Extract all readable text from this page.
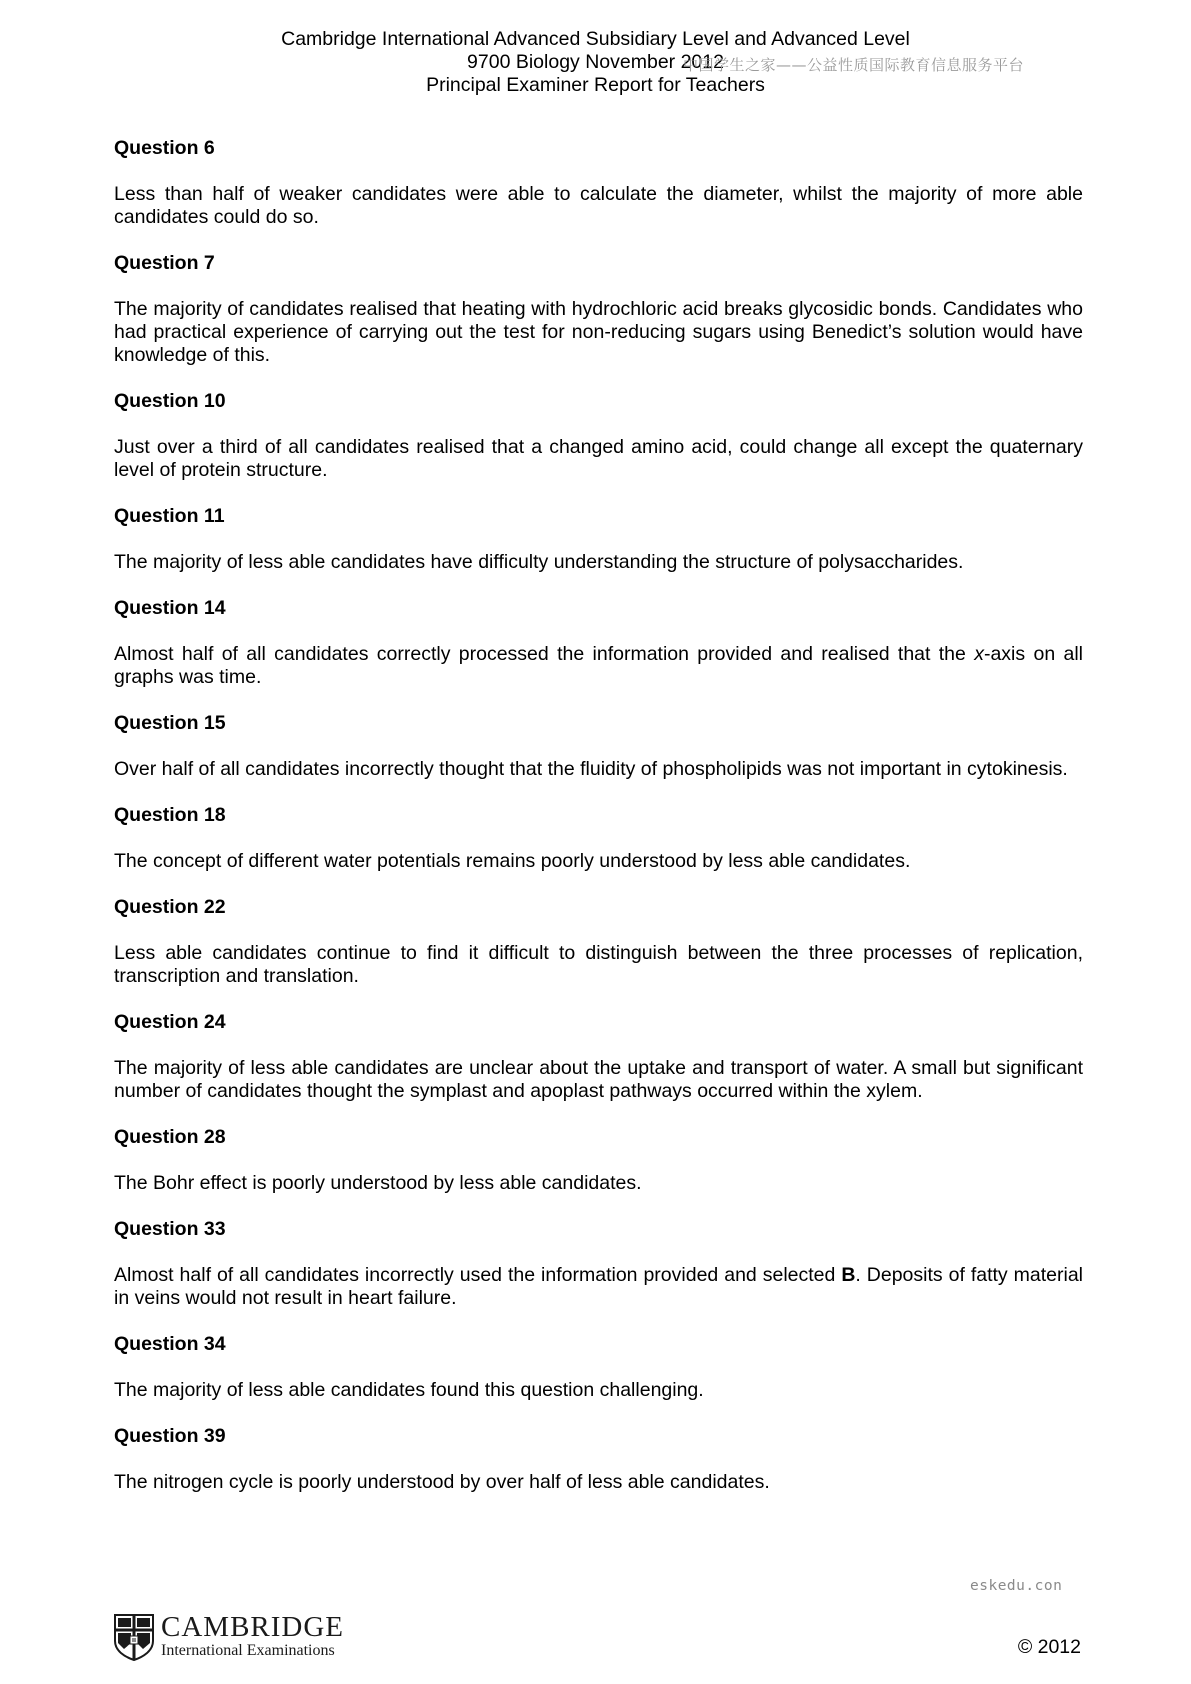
Cambridge International Advanced Subsidiary Level and Advanced Level
9700 Biology November 2012
Principal Examiner Report for Teachers
中国学生之家——公益性质国际教育信息服务平台

Question 6

Less than half of weaker candidates were able to calculate the diameter, whilst the majority of more able candidates could do so.

Question 7

The majority of candidates realised that heating with hydrochloric acid breaks glycosidic bonds. Candidates who had practical experience of carrying out the test for non-reducing sugars using Benedict’s solution would have knowledge of this.

Question 10

Just over a third of all candidates realised that a changed amino acid, could change all except the quaternary level of protein structure.

Question 11

The majority of less able candidates have difficulty understanding the structure of polysaccharides.

Question 14

Almost half of all candidates correctly processed the information provided and realised that the x-axis on all graphs was time.

Question 15

Over half of all candidates incorrectly thought that the fluidity of phospholipids was not important in cytokinesis.

Question 18

The concept of different water potentials remains poorly understood by less able candidates.

Question 22

Less able candidates continue to find it difficult to distinguish between the three processes of replication, transcription and translation.

Question 24

The majority of less able candidates are unclear about the uptake and transport of water. A small but significant number of candidates thought the symplast and apoplast pathways occurred within the xylem.

Question 28

The Bohr effect is poorly understood by less able candidates.

Question 33

Almost half of all candidates incorrectly used the information provided and selected B. Deposits of fatty material in veins would not result in heart failure.

Question 34

The majority of less able candidates found this question challenging.

Question 39

The nitrogen cycle is poorly understood by over half of less able candidates.

eskedu.con
CAMBRIDGE
International Examinations	© 2012
